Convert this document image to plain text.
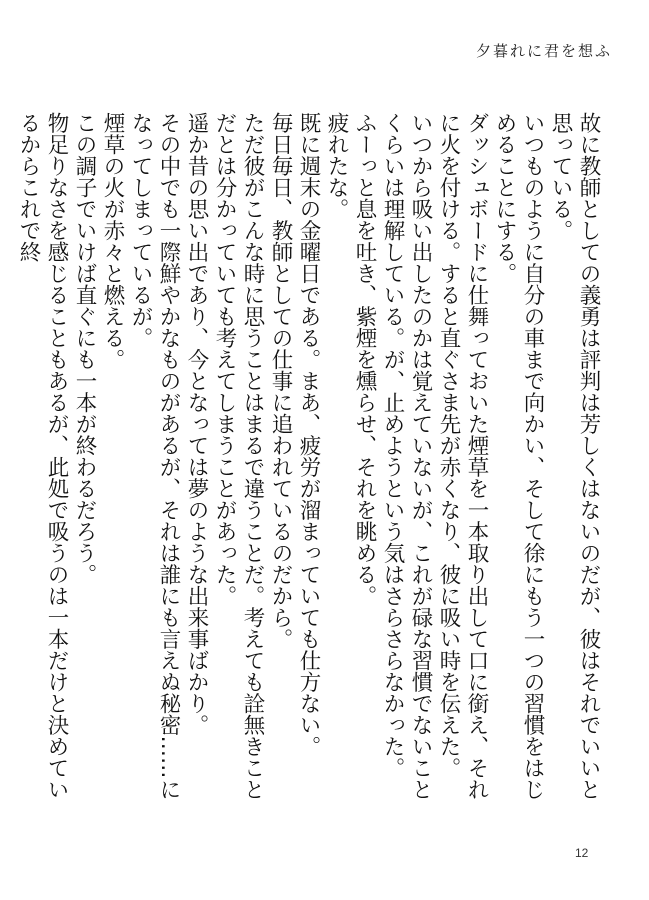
夕暮れに君を想ふ

故に教師としての義勇は評判は芳しくはないのだが、彼はそれでいいと思っている。

いつものように自分の車まで向かい、そして徐にもう一つの習慣をはじめることにする。

ダッシュボードに仕舞っておいた煙草を一本取り出して口に銜え、それに火を付ける。すると直ぐさま先が赤くなり、彼に吸い時を伝えた。

いつから吸い出したのかは覚えていないが、これが碌な習慣でないことくらいは理解している。が、止めようという気はさらさらなかった。

ふーっと息を吐き、紫煙を燻らせ、それを眺める。

疲れたな。

既に週末の金曜日である。まあ、疲労が溜まっていても仕方ない。

毎日毎日、教師としての仕事に追われているのだから。

ただ彼がこんな時に思うことはまるで違うことだ。考えても詮無きことだとは分かっていても考えてしまうことがあった。

遥か昔の思い出であり、今となっては夢のような出来事ばかり。

その中でも一際鮮やかなものがあるが、それは誰にも言えぬ秘密……になってしまっているが。

煙草の火が赤々と燃える。

この調子でいけば直ぐにも一本が終わるだろう。

物足りなさを感じることもあるが、此処で吸うのは一本だけと決めているからこれで終

12
